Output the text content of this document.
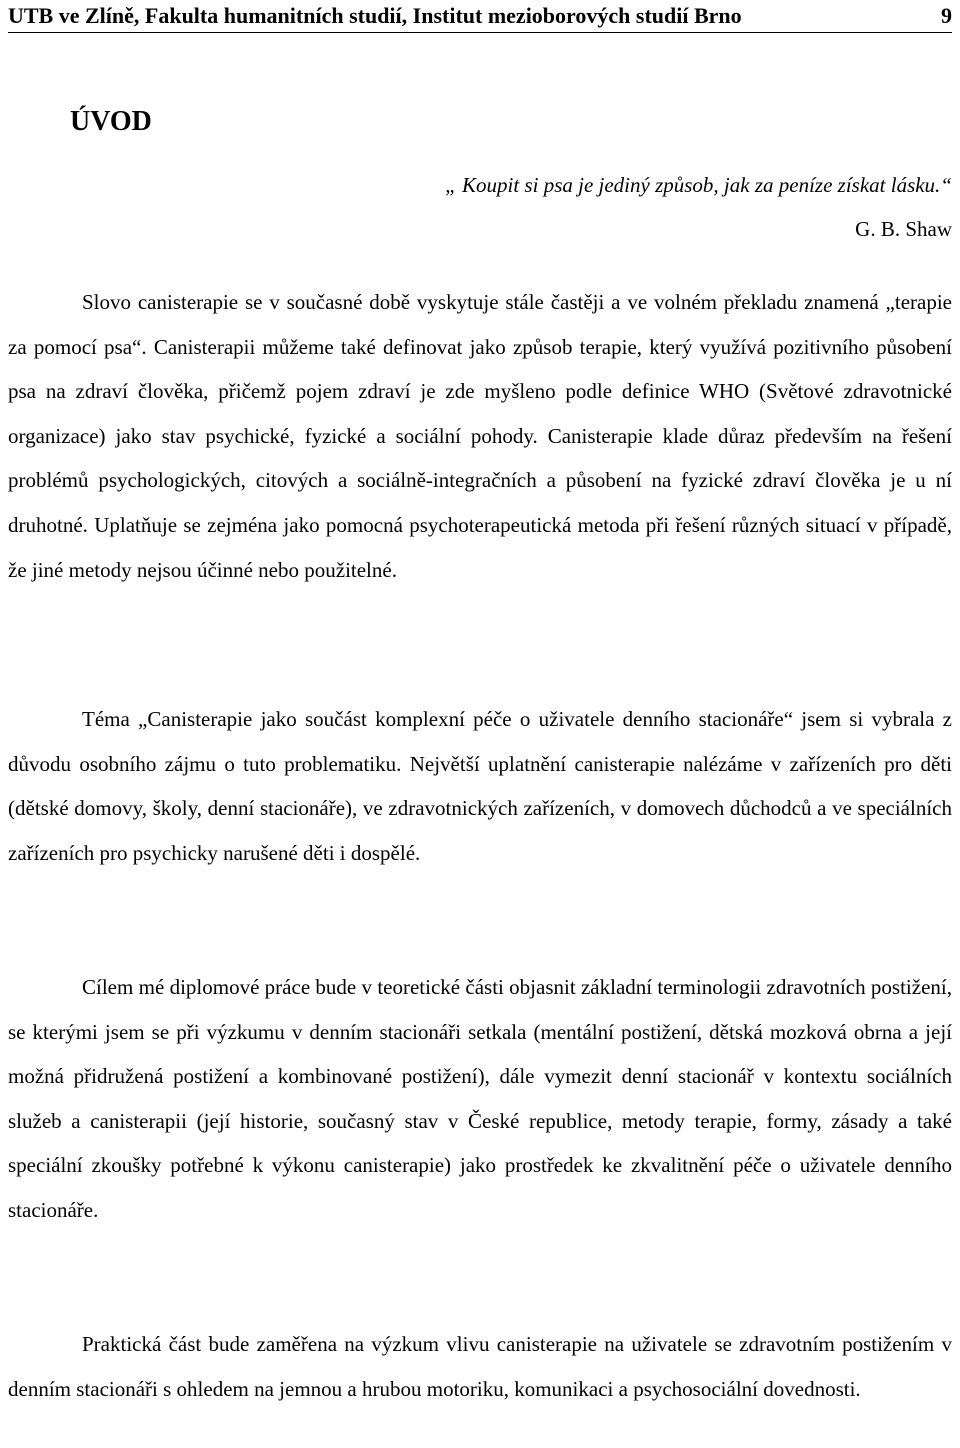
UTB ve Zlíně, Fakulta humanitních studií, Institut mezioborových studií Brno	9
ÚVOD
„ Koupit si psa je jediný způsob, jak za peníze získat lásku.“
G. B. Shaw

Slovo canisterapie se v současné době vyskytuje stále častěji a ve volném překladu znamená „terapie za pomocí psa“. Canisterapii můžeme také definovat jako způsob terapie, který využívá pozitivního působení psa na zdraví člověka, přičemž pojem zdraví je zde myšleno podle definice WHO (Světové zdravotnické organizace) jako stav psychické, fyzické a sociální pohody. Canisterapie klade důraz především na řešení problémů psychologických, citových a sociálně-integračních a působení na fyzické zdraví člověka je u ní druhotné. Uplatňuje se zejména jako pomocná psychoterapeutická metoda při řešení různých situací v případě, že jiné metody nejsou účinné nebo použitelné.

Téma „Canisterapie jako součást komplexní péče o uživatele denního stacionáře“ jsem si vybrala z důvodu osobního zájmu o tuto problematiku. Největší uplatnění canisterapie nalézáme v zařízeních pro děti (dětské domovy, školy, denní stacionáře), ve zdravotnických zařízeních, v domovech důchodců a ve speciálních zařízeních pro psychicky narušené děti i dospělé.

Cílem mé diplomové práce bude v teoretické části objasnit základní terminologii zdravotních postižení, se kterými jsem se při výzkumu v denním stacionáři setkala (mentální postižení, dětská mozková obrna a její možná přidružená postižení a kombinované postižení), dále vymezit denní stacionář v kontextu sociálních služeb a canisterapii (její historie, současný stav v České republice, metody terapie, formy, zásady a také speciální zkoušky potřebné k výkonu canisterapie) jako prostředek ke zkvalitnění péče o uživatele denního stacionáře.

Praktická část bude zaměřena na výzkum vlivu canisterapie na uživatele se zdravotním postižením v denním stacionáři s ohledem na jemnou a hrubou motoriku, komunikaci a psychosociální dovednosti.
